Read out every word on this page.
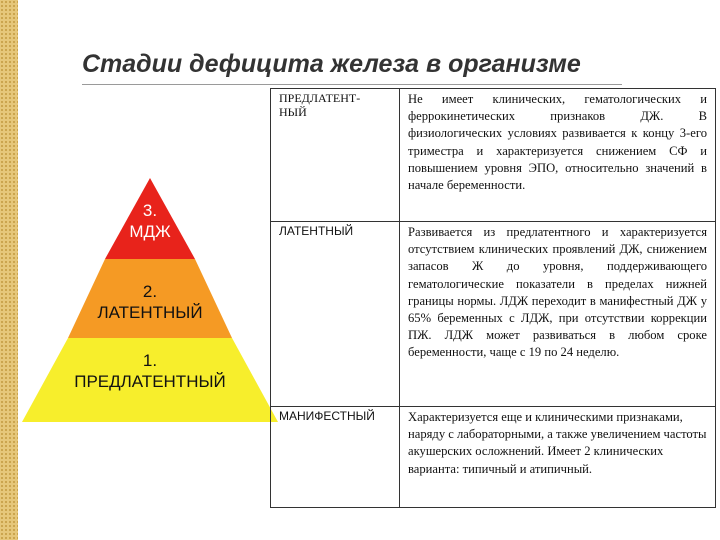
Стадии дефицита железа в организме
3.
МДЖ
2.
ЛАТЕНТНЫЙ
1.
ПРЕДЛАТЕНТНЫЙ
ПРЕДЛАТЕНТ-
НЫЙ	Не имеет клинических, гематологических и феррокинетических признаков ДЖ. В физиологических условиях развивается к концу 3-его триместра и характеризуется снижением СФ и повышением уровня ЭПО, относительно значений в начале беременности.
ЛАТЕНТНЫЙ	Развивается из предлатентного и характеризуется отсутствием клинических проявлений ДЖ, снижением запасов Ж до уровня, поддерживающего гематологические показатели в пределах нижней границы нормы. ЛДЖ переходит в манифестный ДЖ у 65% беременных с ЛДЖ, при отсутствии коррекции ПЖ. ЛДЖ может развиваться в любом сроке беременности, чаще с 19 по 24 неделю.
МАНИФЕСТНЫЙ	Характеризуется еще и клиническими признаками, наряду с лабораторными, а также увеличением частоты акушерских осложнений. Имеет 2 клинических варианта: типичный и атипичный.
